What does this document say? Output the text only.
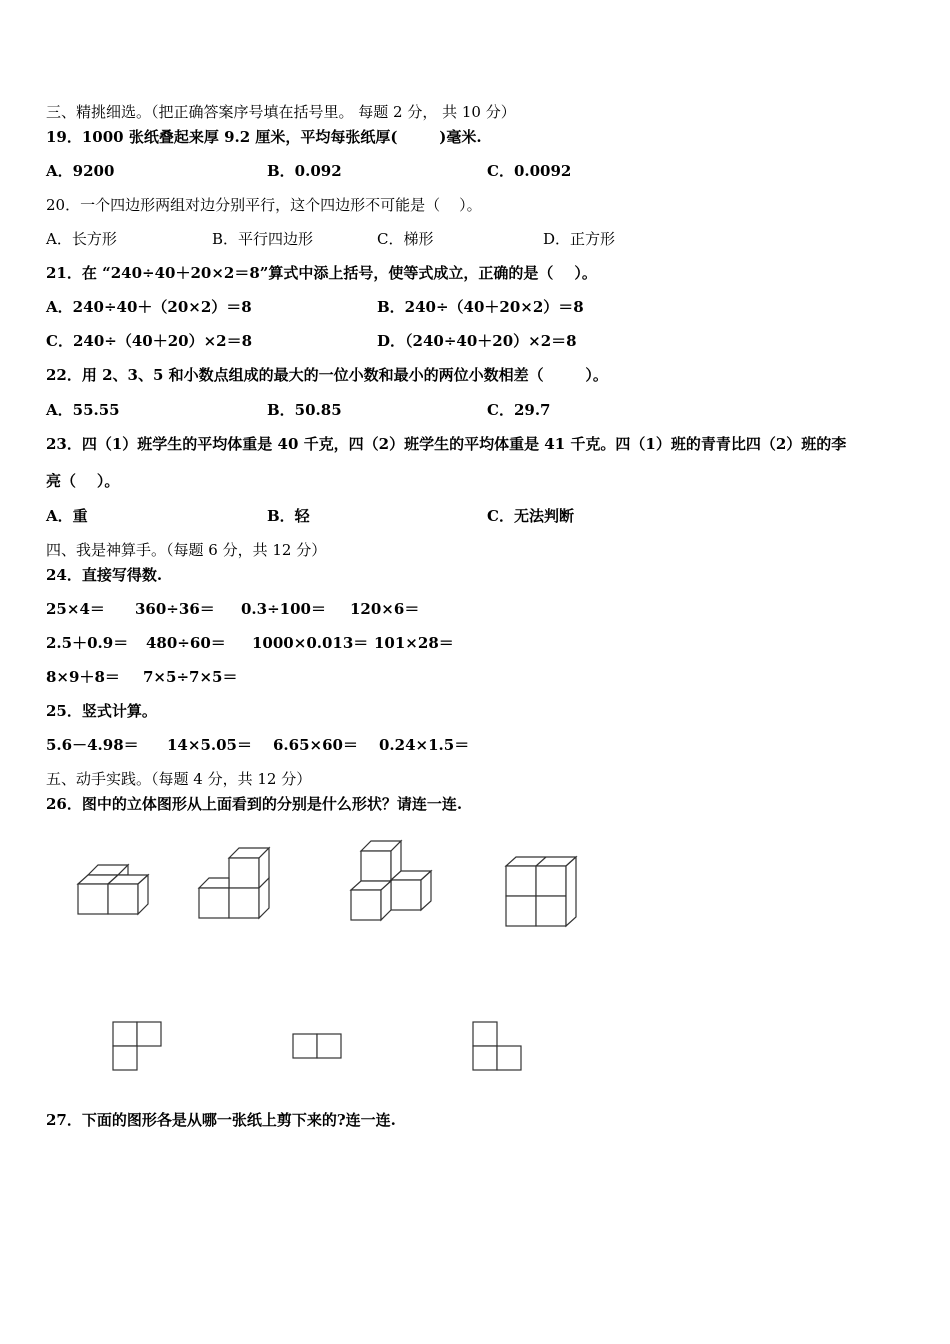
三、精挑细选。（把正确答案序号填在括号里。 每题 2 分， 共 10 分）
19．1000 张纸叠起来厚 9.2 厘米，平均每张纸厚(        )毫米.
A．9200	B．0.092	C．0.0092
20．一个四边形两组对边分别平行，这个四边形不可能是（    ）。
A．长方形	B．平行四边形	C．梯形	D．正方形
21．在 “240÷40＋20×2＝8”算式中添上括号，使等式成立，正确的是（    ）。
A．240÷40＋（20×2）＝8	B．240÷（40＋20×2）＝8
C．240÷（40＋20）×2＝8	D．（240÷40＋20）×2＝8
22．用 2、3、5 和小数点组成的最大的一位小数和最小的两位小数相差（        ）。
A．55.55	B．50.85	C．29.7
23．四（1）班学生的平均体重是 40 千克，四（2）班学生的平均体重是 41 千克。四（1）班的青青比四（2）班的李
亮（    ）。
A．重	B．轻	C．无法判断
四、我是神算手。（每题 6 分，共 12 分）
24．直接写得数.
25×4＝ 360÷36＝ 0.3÷100＝ 120×6＝
2.5＋0.9＝ 480÷60＝ 1000×0.013＝ 101×28＝
8×9＋8＝ 7×5÷7×5＝
25．竖式计算。
5.6－4.98＝ 14×5.05＝ 6.65×60＝ 0.24×1.5＝
五、动手实践。（每题 4 分，共 12 分）
26．图中的立体图形从上面看到的分别是什么形状？请连一连.
27．下面的图形各是从哪一张纸上剪下来的?连一连.
